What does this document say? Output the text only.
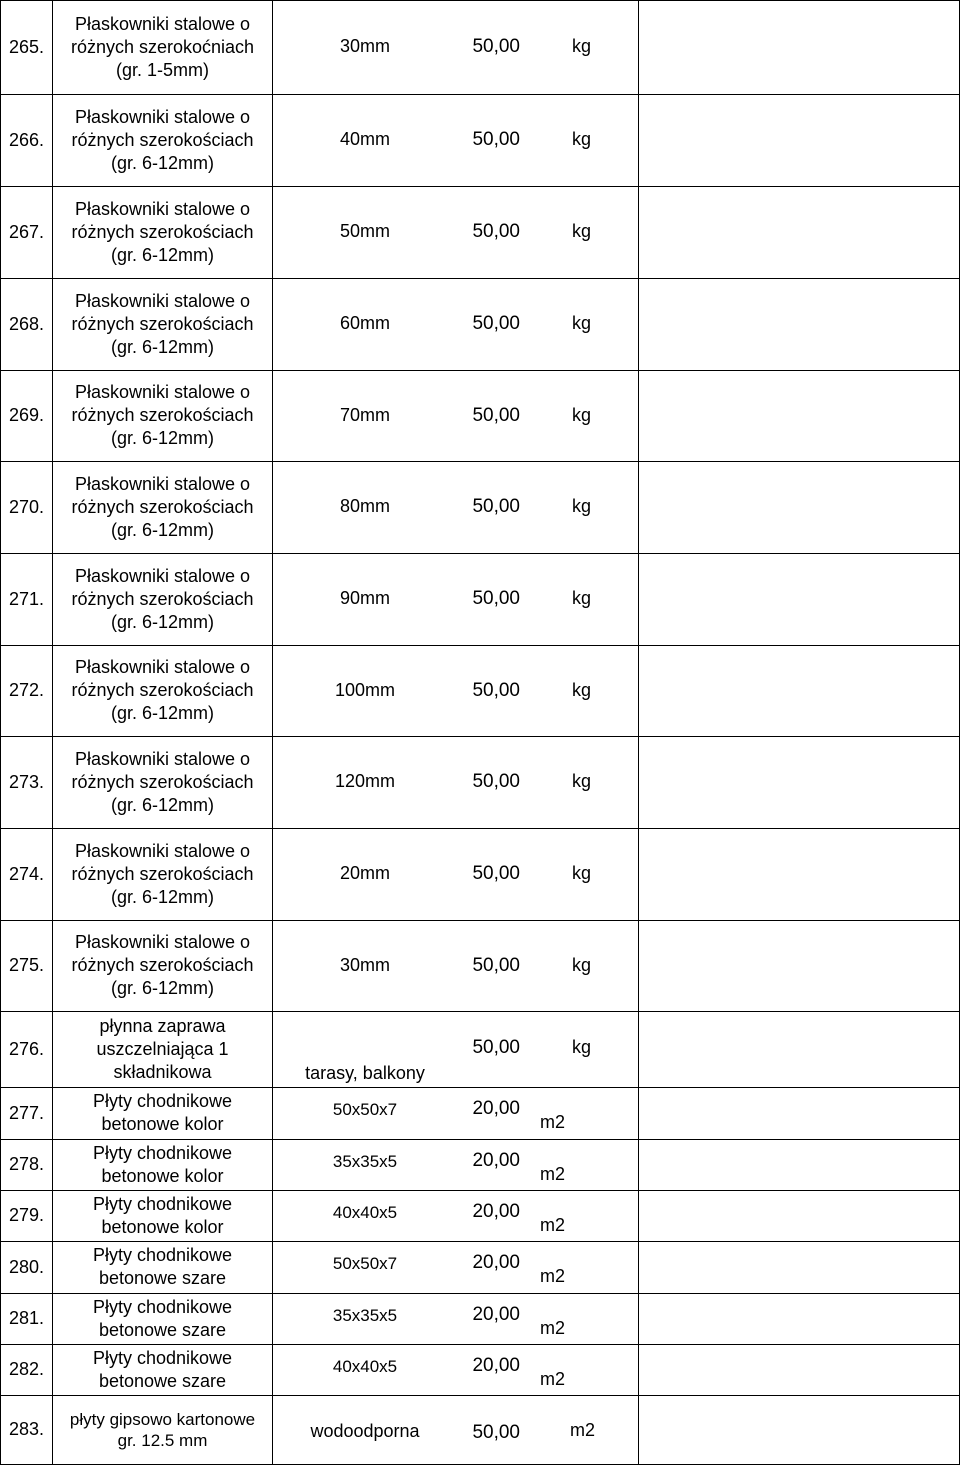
265.
Płaskowniki stalowe o
różnych szerokoćniach
(gr. 1-5mm)
30mm	50,00	kg
266.
Płaskowniki stalowe o
różnych szerokościach
(gr. 6-12mm)
40mm	50,00	kg
267.
Płaskowniki stalowe o
różnych szerokościach
(gr. 6-12mm)
50mm	50,00	kg
268.
Płaskowniki stalowe o
różnych szerokościach
(gr. 6-12mm)
60mm	50,00	kg
269.
Płaskowniki stalowe o
różnych szerokościach
(gr. 6-12mm)
70mm	50,00	kg
270.
Płaskowniki stalowe o
różnych szerokościach
(gr. 6-12mm)
80mm	50,00	kg
271.
Płaskowniki stalowe o
różnych szerokościach
(gr. 6-12mm)
90mm	50,00	kg
272.
Płaskowniki stalowe o
różnych szerokościach
(gr. 6-12mm)
100mm	50,00	kg
273.
Płaskowniki stalowe o
różnych szerokościach
(gr. 6-12mm)
120mm	50,00	kg
274.
Płaskowniki stalowe o
różnych szerokościach
(gr. 6-12mm)
20mm	50,00	kg
275.
Płaskowniki stalowe o
różnych szerokościach
(gr. 6-12mm)
30mm	50,00	kg
276.
płynna zaprawa
uszczelniająca 1
składnikowa	tarasy, balkony
50,00	kg
277.
Płyty chodnikowe
betonowe kolor
50x50x7	20,00
m2
278.
Płyty chodnikowe
betonowe kolor
35x35x5	20,00
m2
279.
Płyty chodnikowe
betonowe kolor
40x40x5	20,00
m2
280.
Płyty chodnikowe
betonowe szare
50x50x7	20,00
m2
281.
Płyty chodnikowe
betonowe szare
35x35x5	20,00
m2
282.
Płyty chodnikowe
betonowe szare
40x40x5	20,00
m2
283.	płyty gipsowo kartonowe
gr. 12.5 mm	wodoodporna	50,00	m2
